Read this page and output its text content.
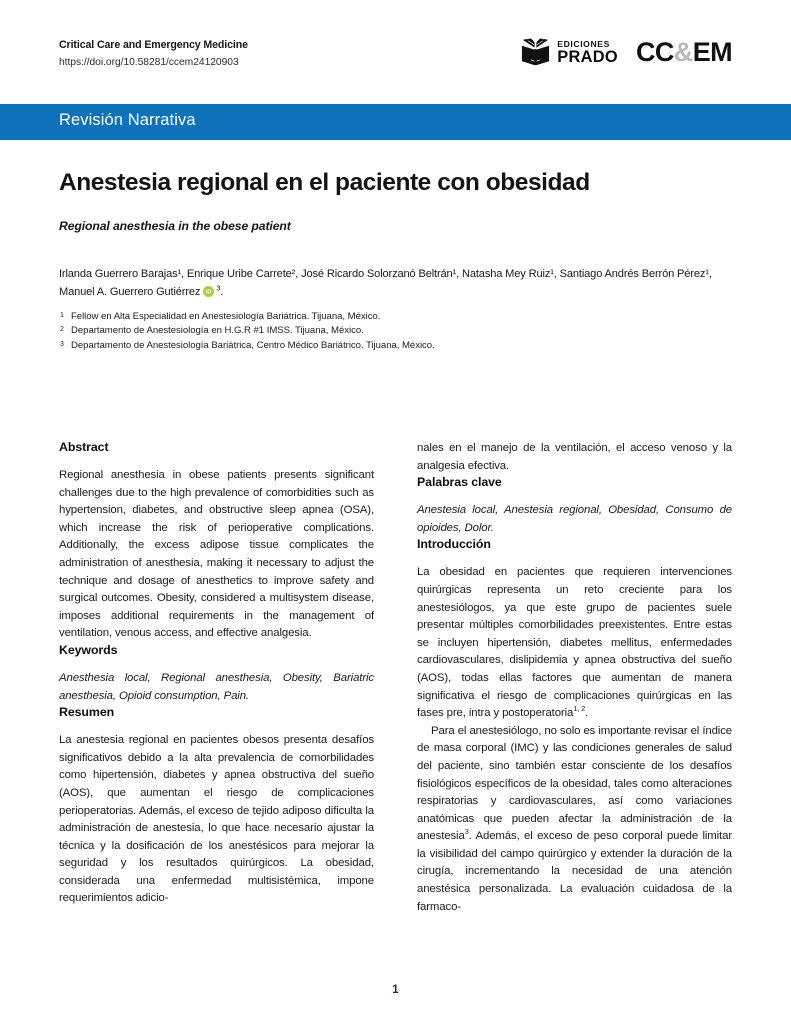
Critical Care and Emergency Medicine
https://doi.org/10.58281/ccem24120903
EDICIONES
PRADO CC&EM
Revisión Narrativa
Anestesia regional en el paciente con obesidad
Regional anesthesia in the obese patient
Irlanda Guerrero Barajas¹, Enrique Uribe Carrete², José Ricardo Solorzanó Beltrán¹, Natasha Mey Ruiz¹, Santiago Andrés Berrón Pérez¹, Manuel A. Guerrero Gutiérrez iD
$^3$.
1 Fellow en Alta Especialidad en Anestesiología Bariátrica. Tijuana, México.
2 Departamento de Anestesiología en H.G.R #1 IMSS. Tijuana, México.
3 Departamento de Anestesiología Bariátrica, Centro Médico Bariátrico. Tijuana, México.
Abstract

Regional anesthesia in obese patients presents significant challenges due to the high prevalence of comorbidities such as hypertension, diabetes, and obstructive sleep apnea (OSA), which increase the risk of perioperative complications. Additionally, the excess adipose tissue complicates the administration of anesthesia, making it necessary to adjust the technique and dosage of anesthetics to improve safety and surgical outcomes. Obesity, considered a multisystem disease, imposes additional requirements in the management of ventilation, venous access, and effective analgesia.

Keywords

Anesthesia local, Regional anesthesia, Obesity, Bariatric anesthesia, Opioid consumption, Pain.

Resumen

La anestesia regional en pacientes obesos presenta desafíos significativos debido a la alta prevalencia de comorbilidades como hipertensión, diabetes y apnea obstructiva del sueño (AOS), que aumentan el riesgo de complicaciones perioperatorias. Además, el exceso de tejido adiposo dificulta la administración de anestesia, lo que hace necesario ajustar la técnica y la dosificación de los anestésicos para mejorar la seguridad y los resultados quirúrgicos. La obesidad, considerada una enfermedad multisistémica, impone requerimientos adicio-

nales en el manejo de la ventilación, el acceso venoso y la analgesia efectiva.

Palabras clave

Anestesia local, Anestesia regional, Obesidad, Consumo de opioides, Dolor.

Introducción

La obesidad en pacientes que requieren intervenciones quirúrgicas representa un reto creciente para los anestesiólogos, ya que este grupo de pacientes suele presentar múltiples comorbilidades preexistentes. Entre estas se incluyen hipertensión, diabetes mellitus, enfermedades cardiovasculares, dislipidemia y apnea obstructiva del sueño (AOS), todas ellas factores que aumentan de manera significativa el riesgo de complicaciones quirúrgicas en las fases pre, intra y postoperatoria$^{1, 2}$.

Para el anestesiólogo, no solo es importante revisar el índice de masa corporal (IMC) y las condiciones generales de salud del paciente, sino también estar consciente de los desafíos fisiológicos específicos de la obesidad, tales como alteraciones respiratorias y cardiovasculares, así como variaciones anatómicas que pueden afectar la administración de la anestesia$^3$. Además, el exceso de peso corporal puede limitar la visibilidad del campo quirúrgico y extender la duración de la cirugía, incrementando la necesidad de una atención anestésica personalizada. La evaluación cuidadosa de la farmaco-

1
